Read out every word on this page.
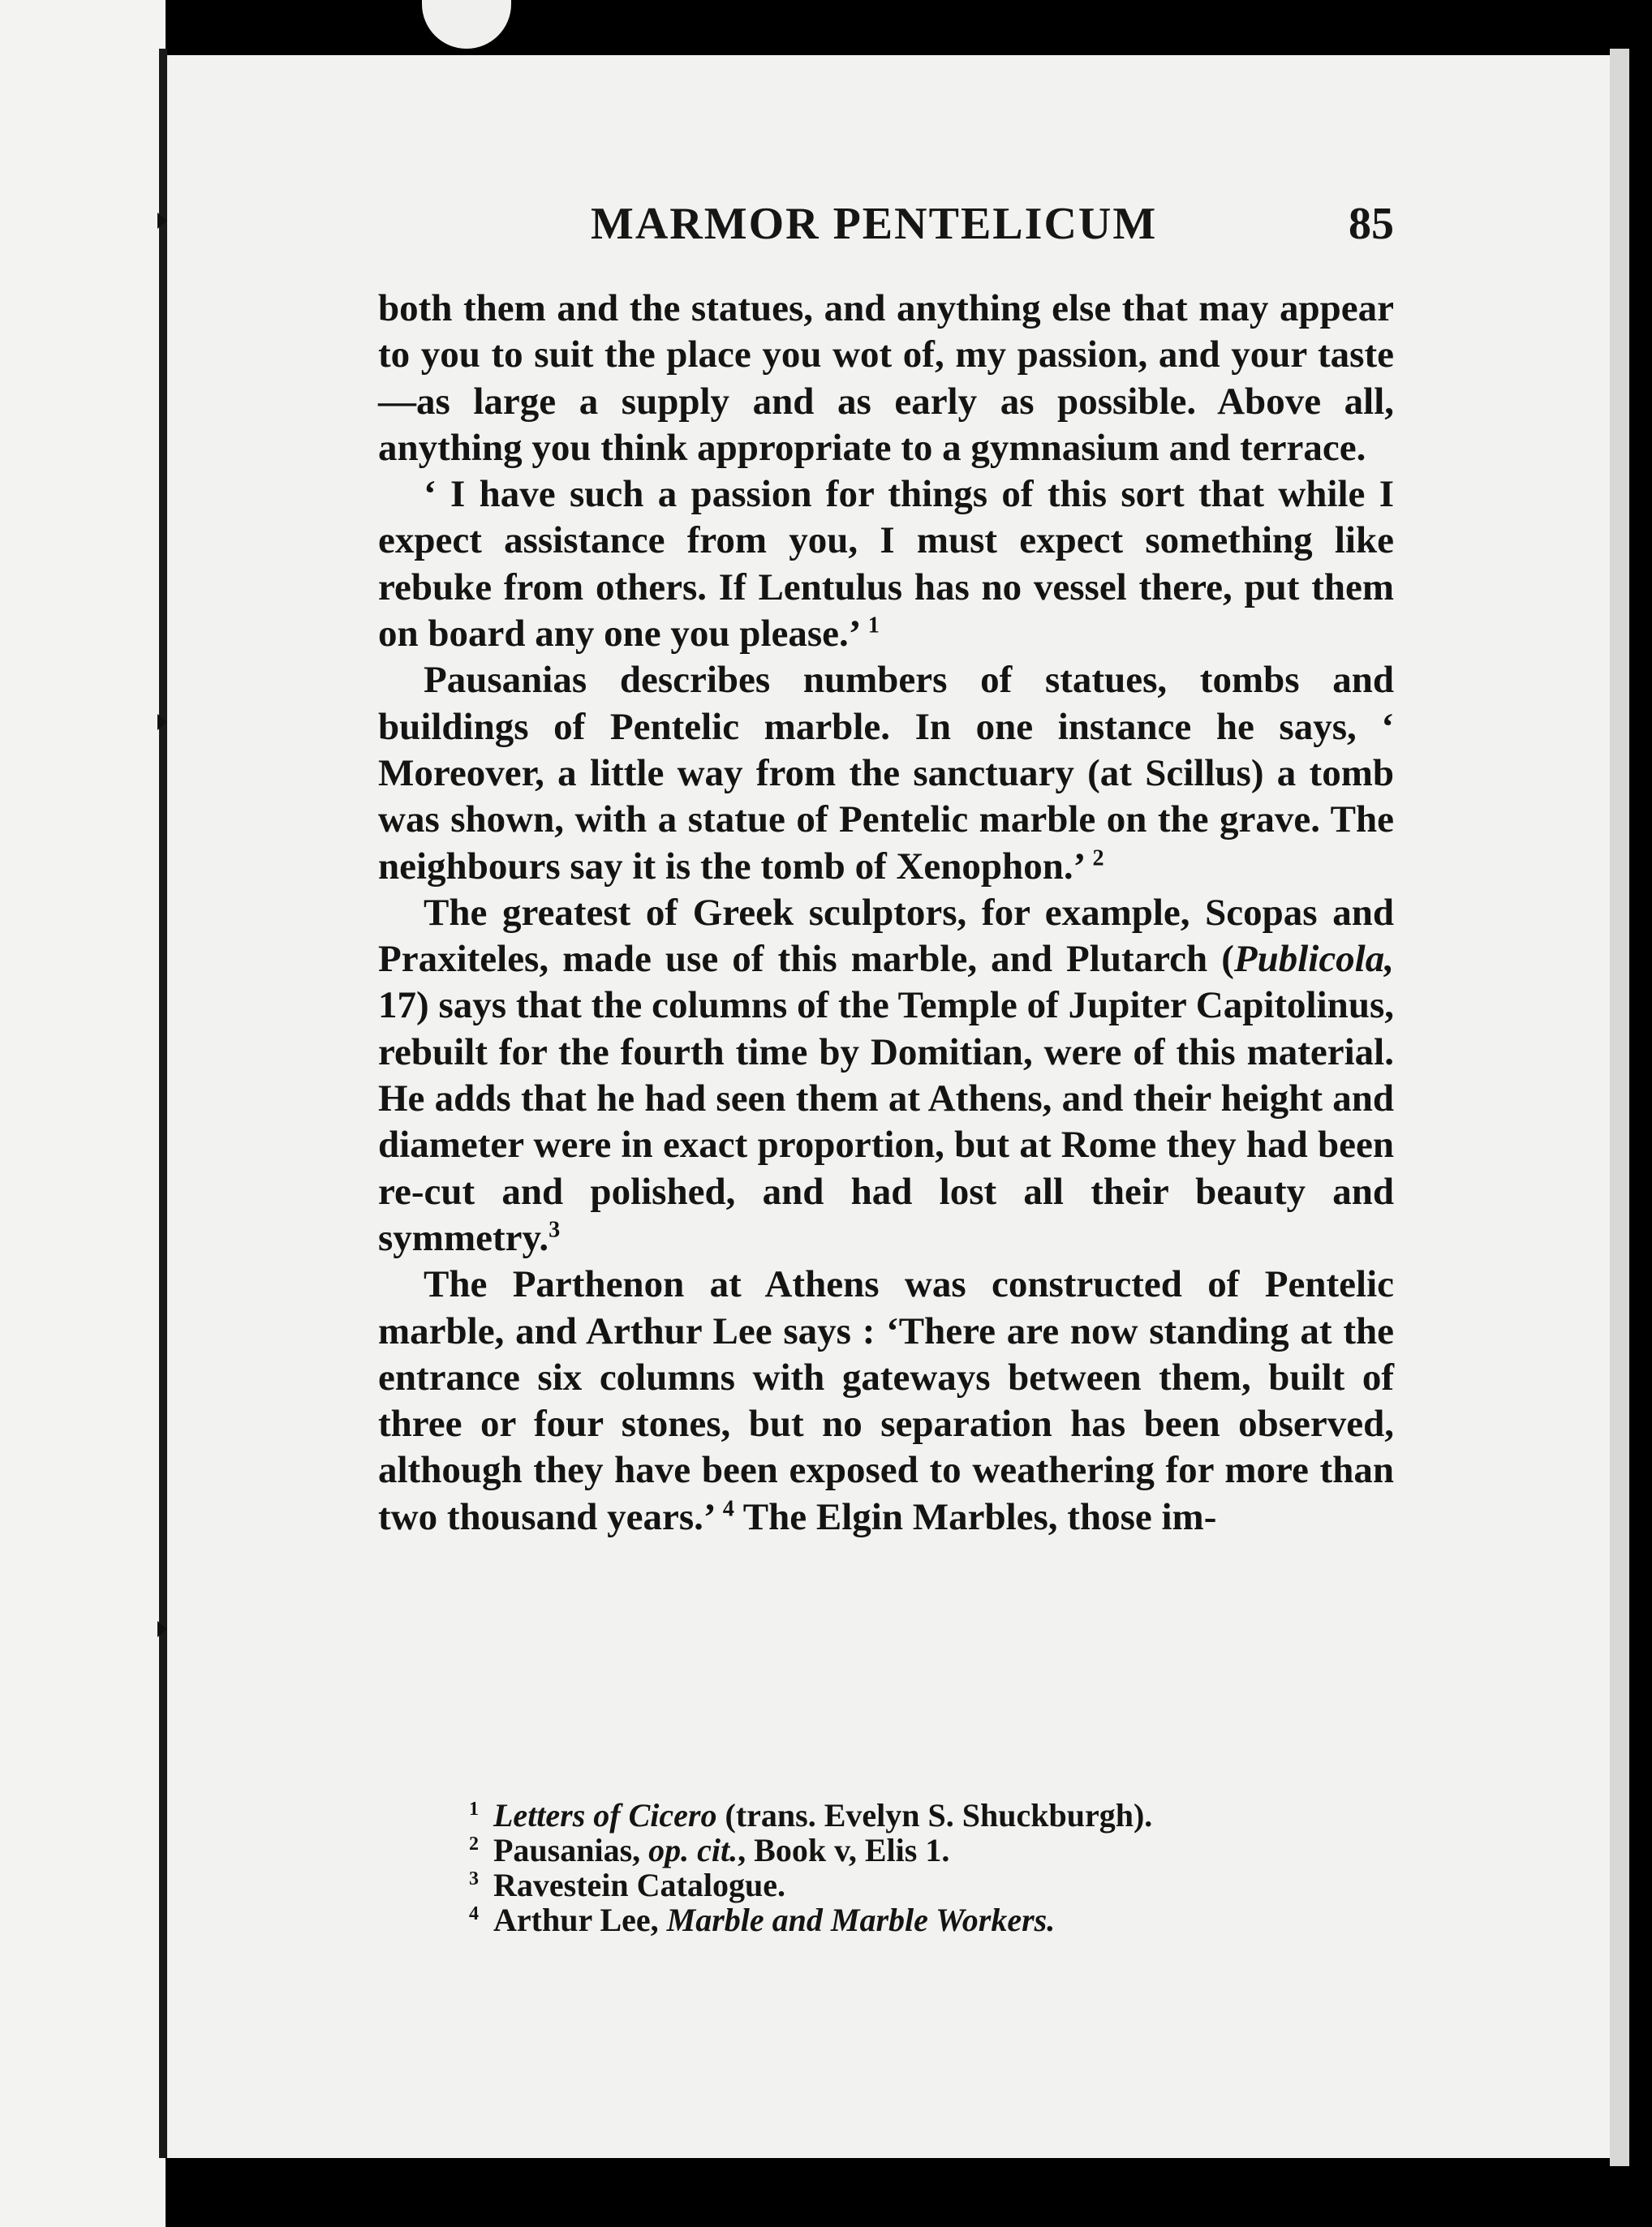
MARMOR PENTELICUM	85

both them and the statues, and anything else that may appear to you to suit the place you wot of, my passion, and your taste—as large a supply and as early as possible. Above all, anything you think appropriate to a gymnasium and terrace.

‘ I have such a passion for things of this sort that while I expect assistance from you, I must expect something like rebuke from others. If Lentulus has no vessel there, put them on board any one you please.’ $^1$

Pausanias describes numbers of statues, tombs and buildings of Pentelic marble. In one instance he says, ‘ Moreover, a little way from the sanctuary (at Scillus) a tomb was shown, with a statue of Pentelic marble on the grave. The neighbours say it is the tomb of Xenophon.’ $^2$

The greatest of Greek sculptors, for example, Scopas and Praxiteles, made use of this marble, and Plutarch (Publicola, 17) says that the columns of the Temple of Jupiter Capitolinus, rebuilt for the fourth time by Domitian, were of this material. He adds that he had seen them at Athens, and their height and diameter were in exact proportion, but at Rome they had been re-cut and polished, and had lost all their beauty and symmetry.$^3$

The Parthenon at Athens was constructed of Pentelic marble, and Arthur Lee says : ‘There are now standing at the entrance six columns with gateways between them, built of three or four stones, but no separation has been observed, although they have been exposed to weathering for more than two thousand years.’ $^4$ The Elgin Marbles, those im-

1 Letters of Cicero (trans. Evelyn S. Shuckburgh).
2 Pausanias, op. cit., Book v, Elis 1.
3 Ravestein Catalogue.
4 Arthur Lee, Marble and Marble Workers.
